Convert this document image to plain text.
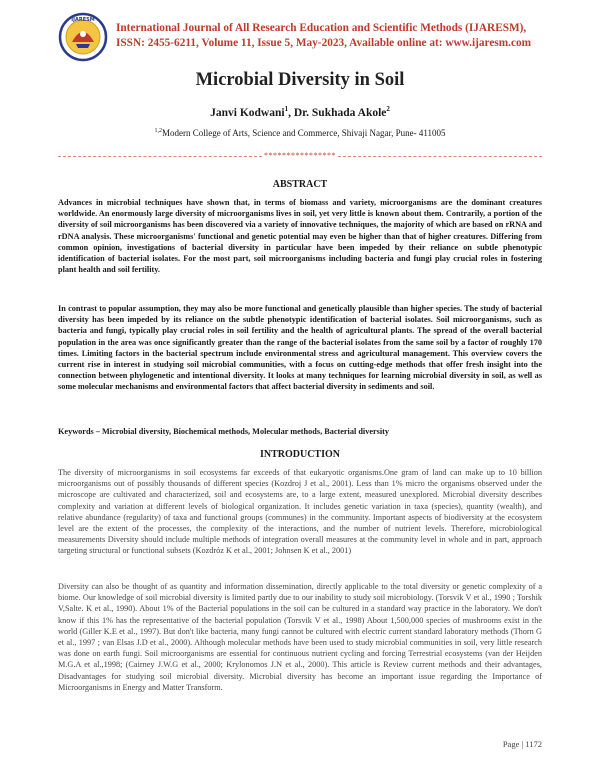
IJARESM
International Journal of All Research Education and Scientific Methods (IJARESM),
ISSN: 2455-6211, Volume 11, Issue 5, May-2023, Available online at: www.ijaresm.com
Microbial Diversity in Soil
Janvi Kodwani$^1$, Dr. Sukhada Akole$^2$
$^{1,2}$Modern College of Arts, Science and Commerce, Shivaji Nagar, Pune- 411005
****************
ABSTRACT

Advances in microbial techniques have shown that, in terms of biomass and variety, microorganisms are the dominant creatures worldwide. An enormously large diversity of microorganisms lives in soil, yet very little is known about them. Contrarily, a portion of the diversity of soil microorganisms has been discovered via a variety of innovative techniques, the majority of which are based on rRNA and rDNA analysis. These microorganisms' functional and genetic potential may even be higher than that of higher creatures. Differing from common opinion, investigations of bacterial diversity in particular have been impeded by their reliance on subtle phenotypic identification of bacterial isolates. For the most part, soil microorganisms including bacteria and fungi play crucial roles in fostering plant health and soil fertility.

In contrast to popular assumption, they may also be more functional and genetically plausible than higher species. The study of bacterial diversity has been impeded by its reliance on the subtle phenotypic identification of bacterial isolates. Soil microorganisms, such as bacteria and fungi, typically play crucial roles in soil fertility and the health of agricultural plants. The spread of the overall bacterial population in the area was once significantly greater than the range of the bacterial isolates from the same soil by a factor of roughly 170 times. Limiting factors in the bacterial spectrum include environmental stress and agricultural management. This overview covers the current rise in interest in studying soil microbial communities, with a focus on cutting-edge methods that offer fresh insight into the connection between phylogenetic and intentional diversity. It looks at many techniques for learning microbial diversity in soil, as well as some molecular mechanisms and environmental factors that affect bacterial diversity in sediments and soil.

Keywords – Microbial diversity, Biochemical methods, Molecular methods, Bacterial diversity

INTRODUCTION

The diversity of microorganisms in soil ecosystems far exceeds of that eukaryotic organisms.One gram of land can make up to 10 billion microorganisms out of possibly thousands of different species (Kozdroj J et al., 2001). Less than 1% micro the organisms observed under the microscope are cultivated and characterized, soil and ecosystems are, to a large extent, measured unexplored. Microbial diversity describes complexity and variation at different levels of biological organization. It includes genetic variation in taxa (species), quantity (wealth), and relative abundance (regularity) of taxa and functional groups (communes) in the community. Important aspects of biodiversity at the ecosystem level are the extent of the processes, the complexity of the interactions, and the number of nutrient levels. Therefore, microbiological measurements Diversity should include multiple methods of integration overall measures at the community level in whole and in part, approach targeting structural or functional subsets (Kozdróz K et al., 2001; Johnsen K et al., 2001)

Diversity can also be thought of as quantity and information dissemination, directly applicable to the total diversity or genetic complexity of a biome. Our knowledge of soil microbial diversity is limited partly due to our inability to study soil microbiology. (Torsvik V et al., 1990 ; Torshik V,Salte. K et al., 1990). About 1% of the Bacterial populations in the soil can be cultured in a standard way practice in the laboratory. We don't know if this 1% has the representative of the bacterial population (Torsvik V et al., 1998) About 1,500,000 species of mushrooms exist in the world (Giller K.E et al., 1997). But don't like bacteria, many fungi cannot be cultured with electric current standard laboratory methods (Thorn G et al., 1997 ; van Elsas J.D et al., 2000). Although molecular methods have been used to study microbial communities in soil, very little research was done on earth fungi. Soil microorganisms are essential for continuous nutrient cycling and forcing Terrestrial ecosystems (van der Heijden M.G.A et al.,1998; (Cairney J.W.G et al., 2000; Krylonomos J.N et al., 2000). This article is Review current methods and their advantages, Disadvantages for studying soil microbial diversity. Microbial diversity has become an important issue regarding the Importance of Microorganisms in Energy and Matter Transform.

Page | 1172
